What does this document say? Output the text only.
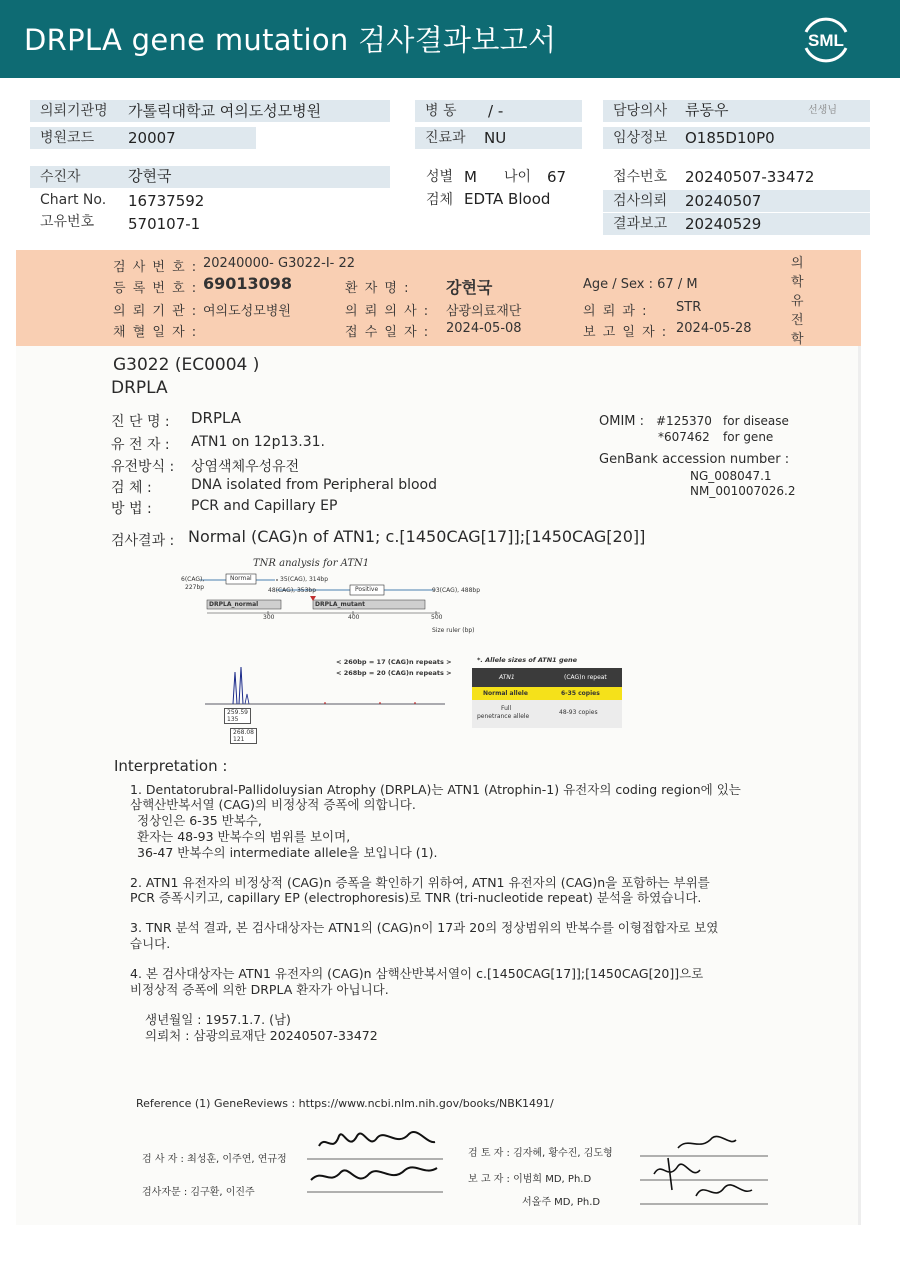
DRPLA gene mutation 검사결과보고서	SML
의뢰기관명	가톨릭대학교 여의도성모병원
병원코드	20007
병 동	/ -
진료과	NU
담당의사	류동우	선생님
임상정보	O185D10P0
수진자	강현국
Chart No. 16737592
고유번호 570107-1
성별 M	나이 67
검체 EDTA Blood
접수번호 20240507-33472
검사의뢰	20240507
결과보고	20240529
검 사 번 호 : 20240000- G3022-I- 22
등 록 번 호 : 69013098	환 자 명 : 강현국	Age / Sex : 67 / M
의 뢰 기 관 : 여의도성모병원	의 뢰 의 사 : 삼광의료재단	의 뢰 과 : STR
채 혈 일 자 :	접 수 일 자 : 2024-05-08	보 고 일 자 : 2024-05-28
의
학
유
전
학
G3022 (EC0004 )
DRPLA
진 단 명 : DRPLA
유 전 자 : ATN1 on 12p13.31.
유전방식 : 상염색체우성유전
검 체 :	DNA isolated from Peripheral blood
방 법 :	PCR and Capillary EP
OMIM : #125370 for disease
*607462 for gene
GenBank accession number :
NG_008047.1
NM_001007026.2
검사결과 : Normal (CAG)n of ATN1; c.[1450CAG[17]];[1450CAG[20]]
TNR analysis for ATN1
Normal
Positive
6(CAG),
227bp
35(CAG), 314bp
48(CAG), 353bp	93(CAG), 488bp
DRPLA_normal	DRPLA_mutant
300	400	500
Size ruler (bp)
< 260bp = 17 (CAG)n repeats >
< 268bp = 20 (CAG)n repeats >
259.59
135
268.08
121
*. Allele sizes of ATN1 gene
ATN1	(CAG)n repeat
Normal allele	6-35 copies
Full
penetrance allele
48-93 copies
Interpretation :
1. Dentatorubral-Pallidoluysian Atrophy (DRPLA)는 ATN1 (Atrophin-1) 유전자의 coding region에 있는
삼핵산반복서열 (CAG)의 비정상적 증폭에 의합니다.
정상인은 6-35 반복수,
환자는 48-93 반복수의 범위를 보이며,
36-47 반복수의 intermediate allele을 보입니다 (1).
2. ATN1 유전자의 비정상적 (CAG)n 증폭을 확인하기 위하여, ATN1 유전자의 (CAG)n을 포함하는 부위를
PCR 증폭시키고, capillary EP (electrophoresis)로 TNR (tri-nucleotide repeat) 분석을 하였습니다.
3. TNR 분석 결과, 본 검사대상자는 ATN1의 (CAG)n이 17과 20의 정상범위의 반복수를 이형접합자로 보였
습니다.
4. 본 검사대상자는 ATN1 유전자의 (CAG)n 삼핵산반복서열이 c.[1450CAG[17]];[1450CAG[20]]으로
비정상적 증폭에 의한 DRPLA 환자가 아닙니다.
생년월일 : 1957.1.7. (남)
의뢰처 : 삼광의료재단 20240507-33472
Reference (1) GeneReviews : https://www.ncbi.nlm.nih.gov/books/NBK1491/
검 사 자 : 최성훈, 이주연, 연규정
검사자문 : 김구환, 이진주
검 토 자 : 김자혜, 황수진, 김도형
보 고 자 : 이범희 MD, Ph.D
서올주 MD, Ph.D
